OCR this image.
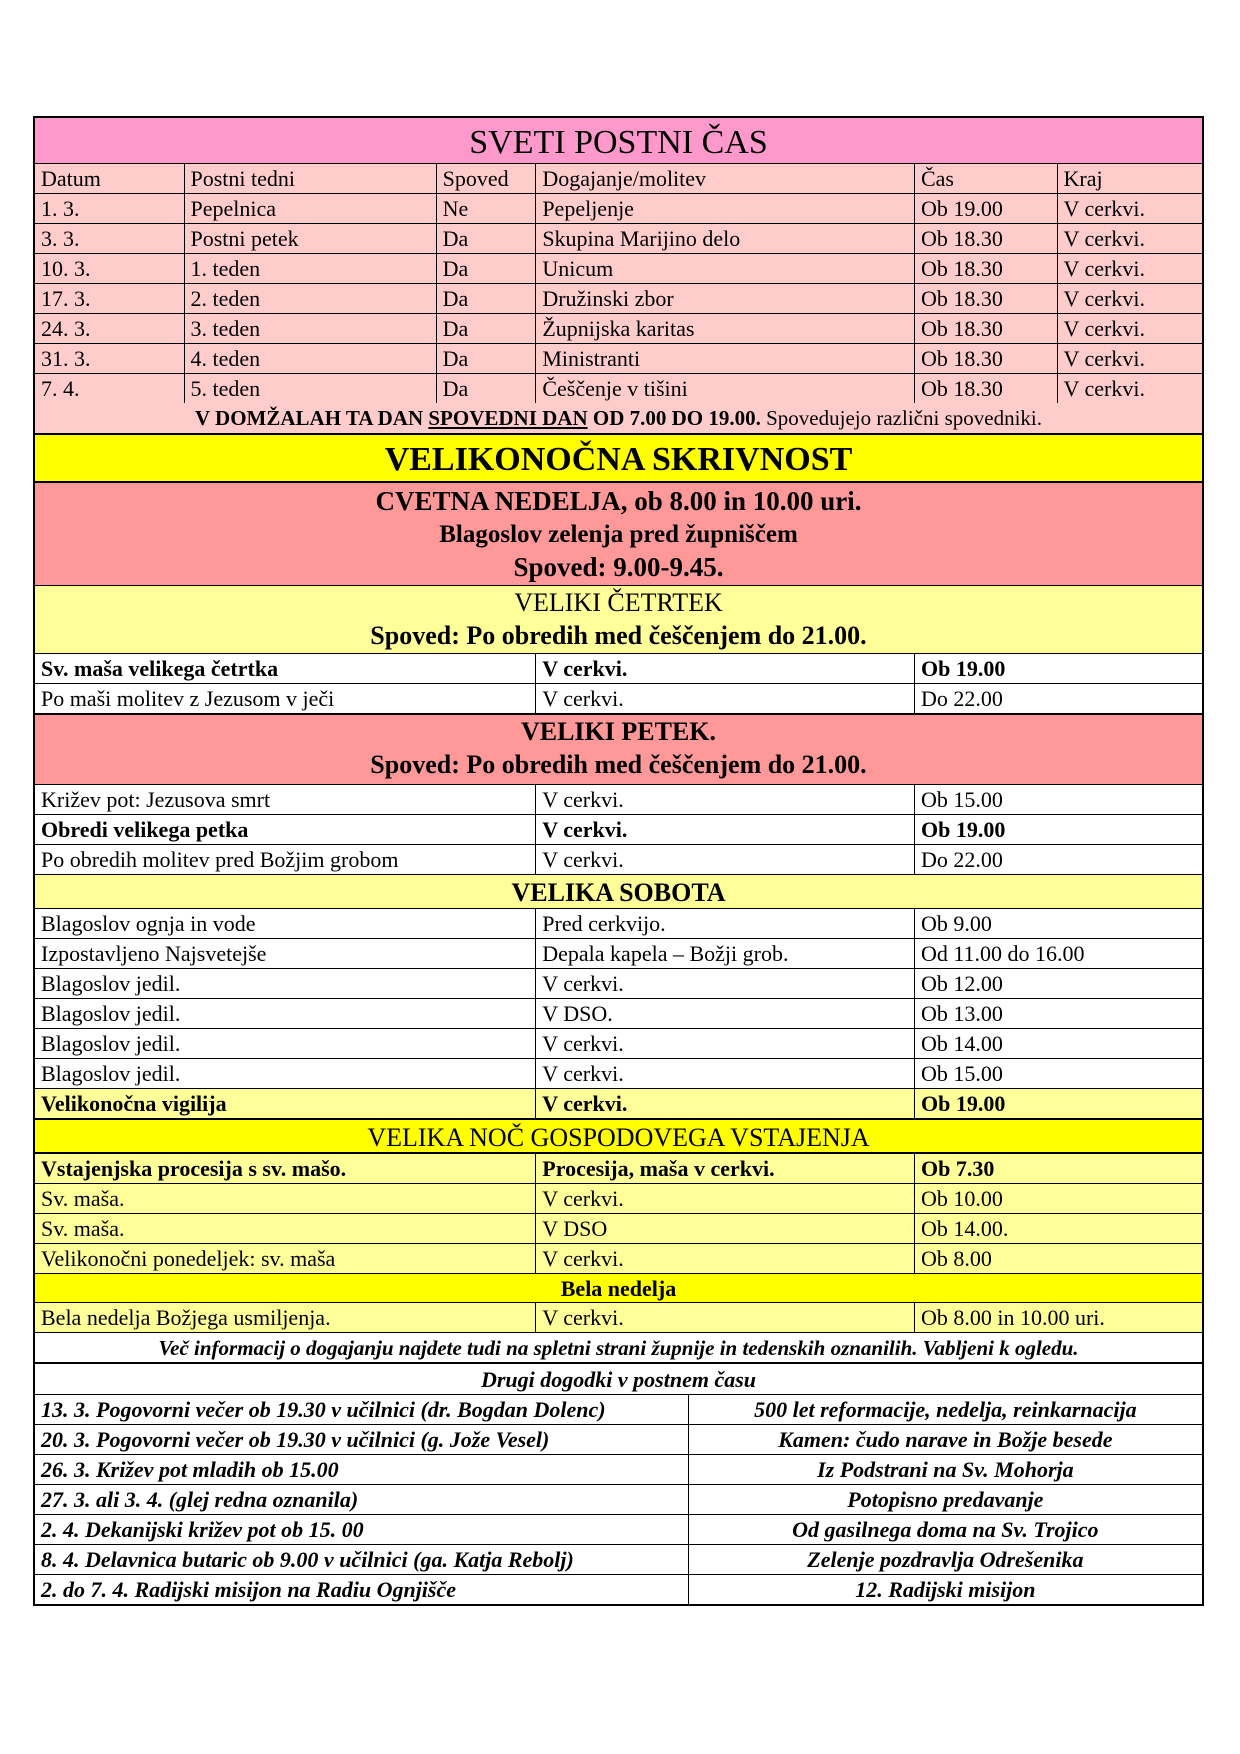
SVETI POSTNI ČAS
Datum	Postni tedni	Spoved	Dogajanje/molitev	Čas	Kraj
1. 3.	Pepelnica	Ne	Pepeljenje	Ob 19.00	V cerkvi.
3. 3.	Postni petek	Da	Skupina Marijino delo	Ob 18.30	V cerkvi.
10. 3.	1. teden	Da	Unicum	Ob 18.30	V cerkvi.
17. 3.	2. teden	Da	Družinski zbor	Ob 18.30	V cerkvi.
24. 3.	3. teden	Da	Župnijska karitas	Ob 18.30	V cerkvi.
31. 3.	4. teden	Da	Ministranti	Ob 18.30	V cerkvi.
7. 4.	5. teden	Da	Češčenje v tišini	Ob 18.30	V cerkvi.
V DOMŽALAH TA DAN SPOVEDNI DAN OD 7.00 DO 19.00. Spovedujejo različni spovedniki.
VELIKONOČNA SKRIVNOST
CVETNA NEDELJA, ob 8.00 in 10.00 uri.
Blagoslov zelenja pred župniščem
Spoved: 9.00-9.45.
VELIKI ČETRTEK
Spoved: Po obredih med češčenjem do 21.00.
Sv. maša velikega četrtka	V cerkvi.	Ob 19.00
Po maši molitev z Jezusom v ječi	V cerkvi.	Do 22.00
VELIKI PETEK.
Spoved: Po obredih med češčenjem do 21.00.
Križev pot: Jezusova smrt	V cerkvi.	Ob 15.00
Obredi velikega petka	V cerkvi.	Ob 19.00
Po obredih molitev pred Božjim grobom	V cerkvi.	Do 22.00
VELIKA SOBOTA
Blagoslov ognja in vode	Pred cerkvijo.	Ob 9.00
Izpostavljeno Najsvetejše	Depala kapela – Božji grob.	Od 11.00 do 16.00
Blagoslov jedil.	V cerkvi.	Ob 12.00
Blagoslov jedil.	V DSO.	Ob 13.00
Blagoslov jedil.	V cerkvi.	Ob 14.00
Blagoslov jedil.	V cerkvi.	Ob 15.00
Velikonočna vigilija	V cerkvi.	Ob 19.00
VELIKA NOČ GOSPODOVEGA VSTAJENJA
Vstajenjska procesija s sv. mašo.	Procesija, maša v cerkvi.	Ob 7.30
Sv. maša.	V cerkvi.	Ob 10.00
Sv. maša.	V DSO	Ob 14.00.
Velikonočni ponedeljek: sv. maša	V cerkvi.	Ob 8.00
Bela nedelja
Bela nedelja Božjega usmiljenja.	V cerkvi.	Ob 8.00 in 10.00 uri.
Več informacij o dogajanju najdete tudi na spletni strani župnije in tedenskih oznanilih. Vabljeni k ogledu.
Drugi dogodki v postnem času
13. 3. Pogovorni večer ob 19.30 v učilnici (dr. Bogdan Dolenc)	500 let reformacije, nedelja, reinkarnacija
20. 3. Pogovorni večer ob 19.30 v učilnici (g. Jože Vesel)	Kamen: čudo narave in Božje besede
26. 3. Križev pot mladih ob 15.00	Iz Podstrani na Sv. Mohorja
27. 3. ali 3. 4. (glej redna oznanila)	Potopisno predavanje
2. 4. Dekanijski križev pot ob 15. 00	Od gasilnega doma na Sv. Trojico
8. 4. Delavnica butaric ob 9.00 v učilnici (ga. Katja Rebolj)	Zelenje pozdravlja Odrešenika
2. do 7. 4. Radijski misijon na Radiu Ognjišče	12. Radijski misijon
